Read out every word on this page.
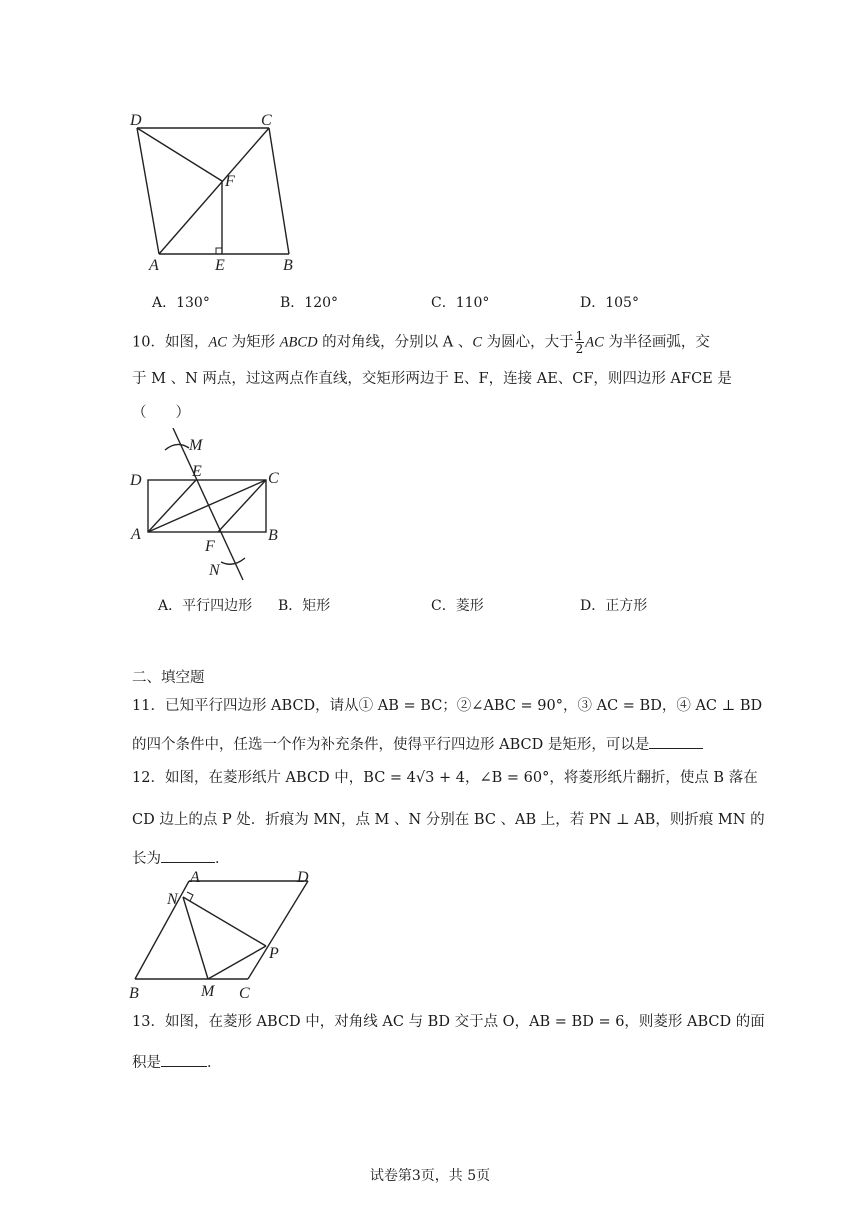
D	C
F
A	E	B
A．130°	B．120°	C．110°	D．105°
10．如图，AC 为矩形 ABCD 的对角线，分别以 A 、C 为圆心，大于 $\frac{1}{2}$ AC 为半径画弧，交
于 M 、N 两点，过这两点作直线，交矩形两边于 E、F，连接 AE、CF，则四边形 AFCE 是
（　　）
M
D
E	C
A	B
F
N
A．平行四边形 B．矩形	C．菱形	D．正方形
二、填空题
11．已知平行四边形 ABCD，请从① AB = BC；②∠ABC = 90°，③ AC = BD，④ AC ⊥ BD
的四个条件中，任选一个作为补充条件，使得平行四边形 ABCD 是矩形，可以是
12．如图，在菱形纸片 ABCD 中，BC = 4√3 + 4，∠B = 60°，将菱形纸片翻折，使点 B 落在
CD 边上的点 P 处．折痕为 MN，点 M 、N 分别在 BC 、AB 上，若 PN ⊥ AB，则折痕 MN 的
长为	．
A	D
N
P
B	M C
13．如图，在菱形 ABCD 中，对角线 AC 与 BD 交于点 O，AB = BD = 6，则菱形 ABCD 的面
积是	．
试卷第3页，共 5页
